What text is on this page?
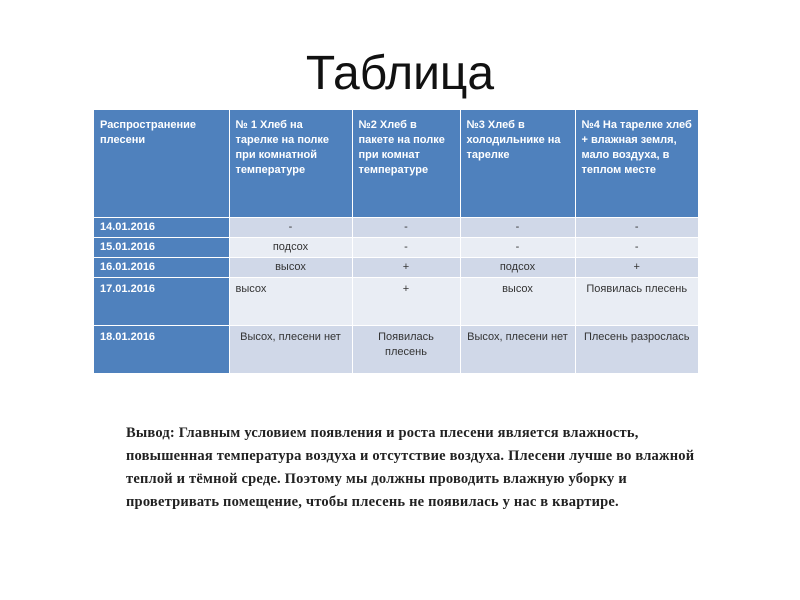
Таблица
Распространение плесени	№ 1 Хлеб на тарелке на полке при комнатной температуре	№2 Хлеб в пакете на полке при комнат температуре	№3 Хлеб в холодильнике на тарелке	№4 На тарелке хлеб + влажная земля, мало воздуха, в теплом месте
14.01.2016	-	-	-	-
15.01.2016	подсох	-	-	-
16.01.2016	высох	+	подсох	+
17.01.2016	высох	+	высох	Появилась плесень
18.01.2016	Высох, плесени нет	Появилась плесень	Высох, плесени нет	Плесень разрослась
Вывод: Главным условием появления и роста плесени является влажность, повышенная температура воздуха и отсутствие воздуха. Плесени лучше во влажной теплой и тёмной среде. Поэтому мы должны проводить влажную уборку и проветривать помещение, чтобы плесень не появилась у нас в квартире.
